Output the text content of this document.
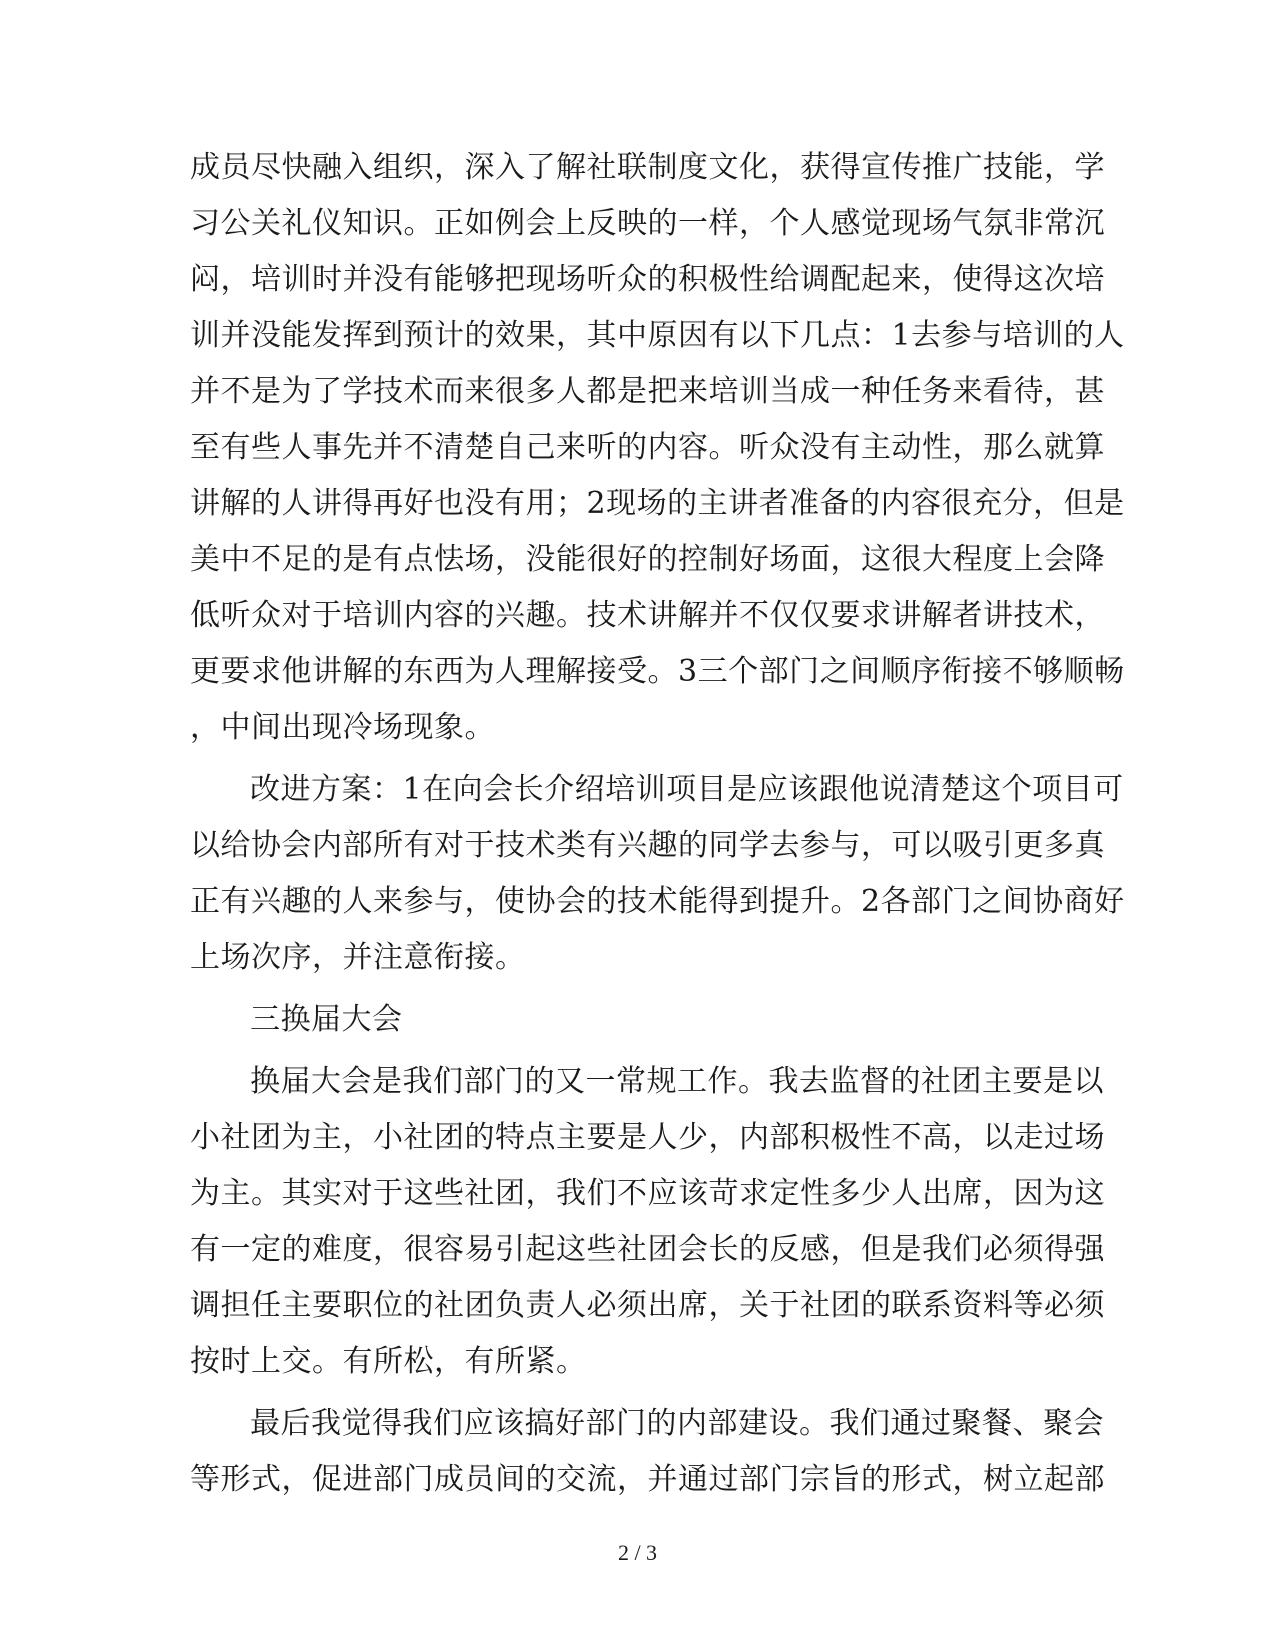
成员尽快融入组织，深入了解社联制度文化，获得宣传推广技能，学
习公关礼仪知识。正如例会上反映的一样，个人感觉现场气氛非常沉
闷，培训时并没有能够把现场听众的积极性给调配起来，使得这次培
训并没能发挥到预计的效果，其中原因有以下几点：1去参与培训的人
并不是为了学技术而来很多人都是把来培训当成一种任务来看待，甚
至有些人事先并不清楚自己来听的内容。听众没有主动性，那么就算
讲解的人讲得再好也没有用；2现场的主讲者准备的内容很充分，但是
美中不足的是有点怯场，没能很好的控制好场面，这很大程度上会降
低听众对于培训内容的兴趣。技术讲解并不仅仅要求讲解者讲技术，
更要求他讲解的东西为人理解接受。3三个部门之间顺序衔接不够顺畅
，中间出现冷场现象。
改进方案：1在向会长介绍培训项目是应该跟他说清楚这个项目可
以给协会内部所有对于技术类有兴趣的同学去参与，可以吸引更多真
正有兴趣的人来参与，使协会的技术能得到提升。2各部门之间协商好
上场次序，并注意衔接。
三换届大会
换届大会是我们部门的又一常规工作。我去监督的社团主要是以
小社团为主，小社团的特点主要是人少，内部积极性不高，以走过场
为主。其实对于这些社团，我们不应该苛求定性多少人出席，因为这
有一定的难度，很容易引起这些社团会长的反感，但是我们必须得强
调担任主要职位的社团负责人必须出席，关于社团的联系资料等必须
按时上交。有所松，有所紧。
最后我觉得我们应该搞好部门的内部建设。我们通过聚餐、聚会
等形式，促进部门成员间的交流，并通过部门宗旨的形式，树立起部
2 / 3
